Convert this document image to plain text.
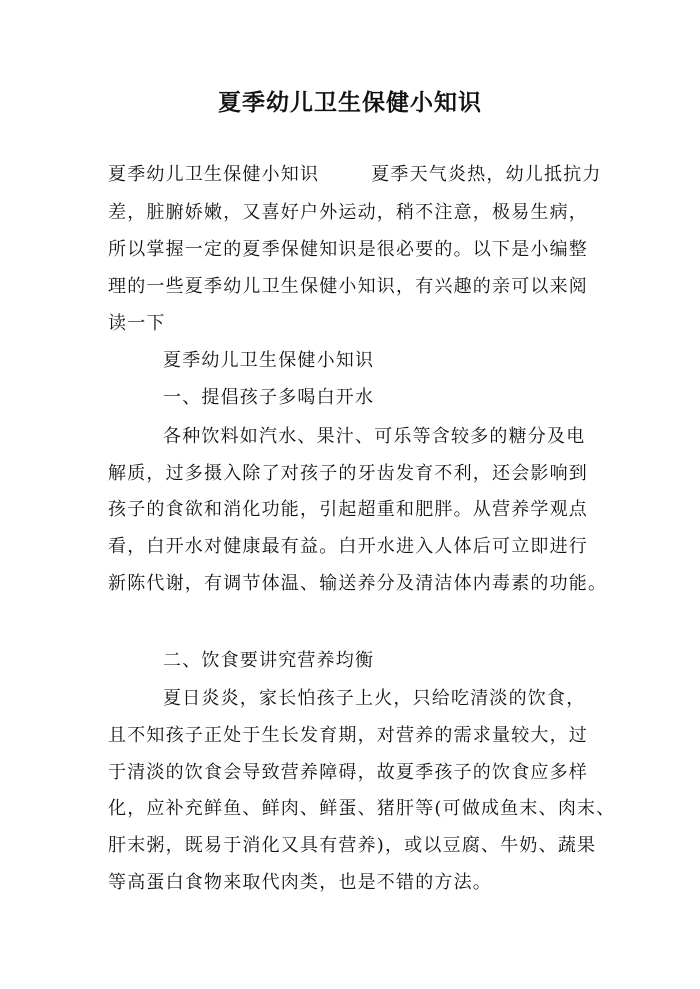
夏季幼儿卫生保健小知识
夏季幼儿卫生保健小知识	夏季天气炎热，幼儿抵抗力
差，脏腑娇嫩，又喜好户外运动，稍不注意，极易生病，
所以掌握一定的夏季保健知识是很必要的。以下是小编整
理的一些夏季幼儿卫生保健小知识，有兴趣的亲可以来阅
读一下
夏季幼儿卫生保健小知识
一、提倡孩子多喝白开水
各种饮料如汽水、果汁、可乐等含较多的糖分及电
解质，过多摄入除了对孩子的牙齿发育不利，还会影响到
孩子的食欲和消化功能，引起超重和肥胖。从营养学观点
看，白开水对健康最有益。白开水进入人体后可立即进行
新陈代谢，有调节体温、输送养分及清洁体内毒素的功能。
二、饮食要讲究营养均衡
夏日炎炎，家长怕孩子上火，只给吃清淡的饮食，
且不知孩子正处于生长发育期，对营养的需求量较大，过
于清淡的饮食会导致营养障碍，故夏季孩子的饮食应多样
化，应补充鲜鱼、鲜肉、鲜蛋、猪肝等(可做成鱼末、肉末、
肝末粥，既易于消化又具有营养)，或以豆腐、牛奶、蔬果
等高蛋白食物来取代肉类，也是不错的方法。
